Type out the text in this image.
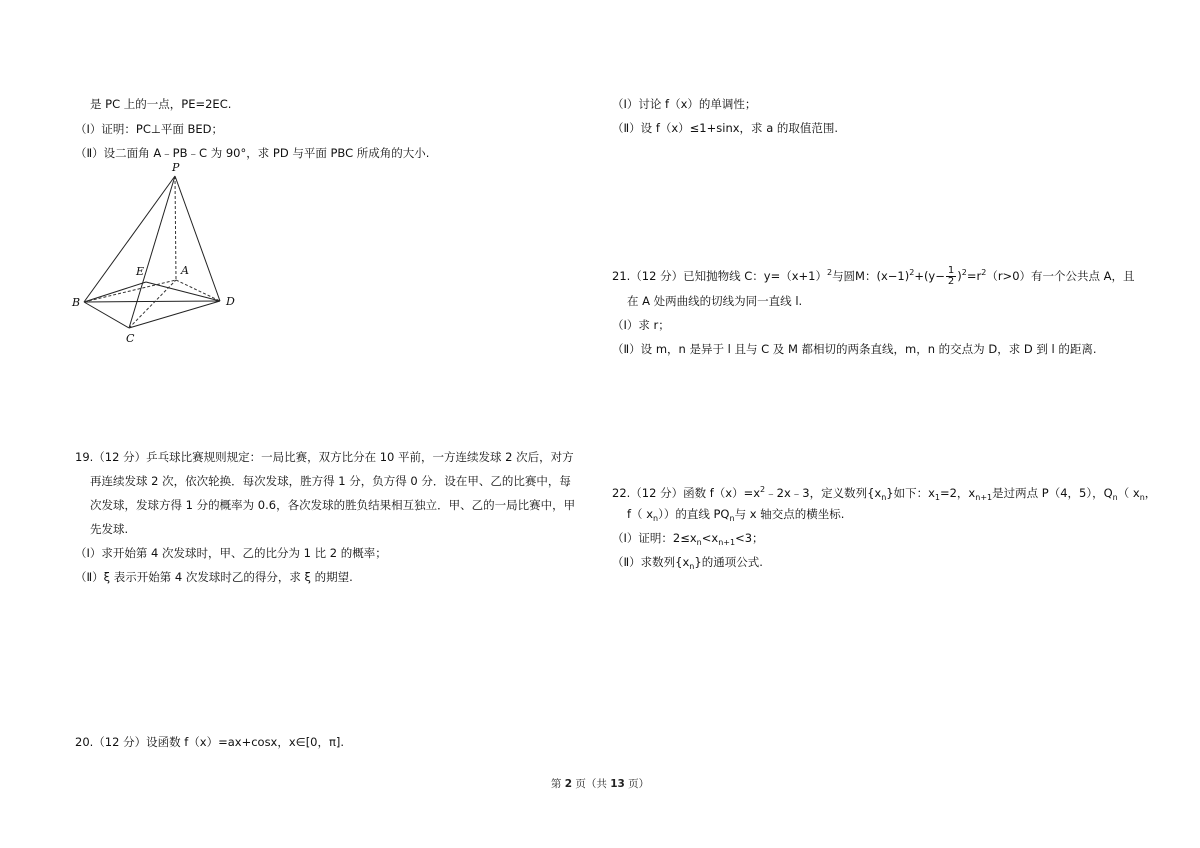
是 PC 上的一点，PE=2EC.
（Ⅰ）证明：PC⊥平面 BED；
（Ⅱ）设二面角 A﹣PB﹣C 为 90°，求 PD 与平面 PBC 所成角的大小.
P
E	A
B	D
C
19.（12 分）乒乓球比赛规则规定：一局比赛，双方比分在 10 平前，一方连续发球 2 次后，对方
再连续发球 2 次，依次轮换．每次发球，胜方得 1 分，负方得 0 分．设在甲、乙的比赛中，每
次发球，发球方得 1 分的概率为 0.6，各次发球的胜负结果相互独立．甲、乙的一局比赛中，甲
先发球.
（Ⅰ）求开始第 4 次发球时，甲、乙的比分为 1 比 2 的概率；
（Ⅱ）ξ 表示开始第 4 次发球时乙的得分，求 ξ 的期望.
20.（12 分）设函数 f（x）=ax+cosx，x∈[0，π].
（Ⅰ）讨论 f（x）的单调性；
（Ⅱ）设 f（x）≤1+sinx，求 a 的取值范围.
21.（12 分）已知抛物线 C：$y=(x+1)^2$与圆M：$(x-1)^2+(y- \frac{1}{2} )^2=r^2(r>0)$有一个公共点 A，且
在 A 处两曲线的切线为同一直线 l.
（Ⅰ）求 r；
（Ⅱ）设 m，n 是异于 l 且与 C 及 M 都相切的两条直线，m，n 的交点为 D，求 D 到 l 的距离.
22.（12 分）函数 $f(x)=x^2﹣2x﹣3$，定义数列$\{x_n\}$如下：$x_1=2$，$x_{n+1}$是过两点 P（4，5），$Q_n$（ $x_n$，
f（ $x_n$））的直线 $PQ_n$与 x 轴交点的横坐标.
（Ⅰ）证明：$2\le x_n<x_{n+1}<3$；
（Ⅱ）求数列$\{x_n\}$的通项公式.
第 2 页（共 13 页）
